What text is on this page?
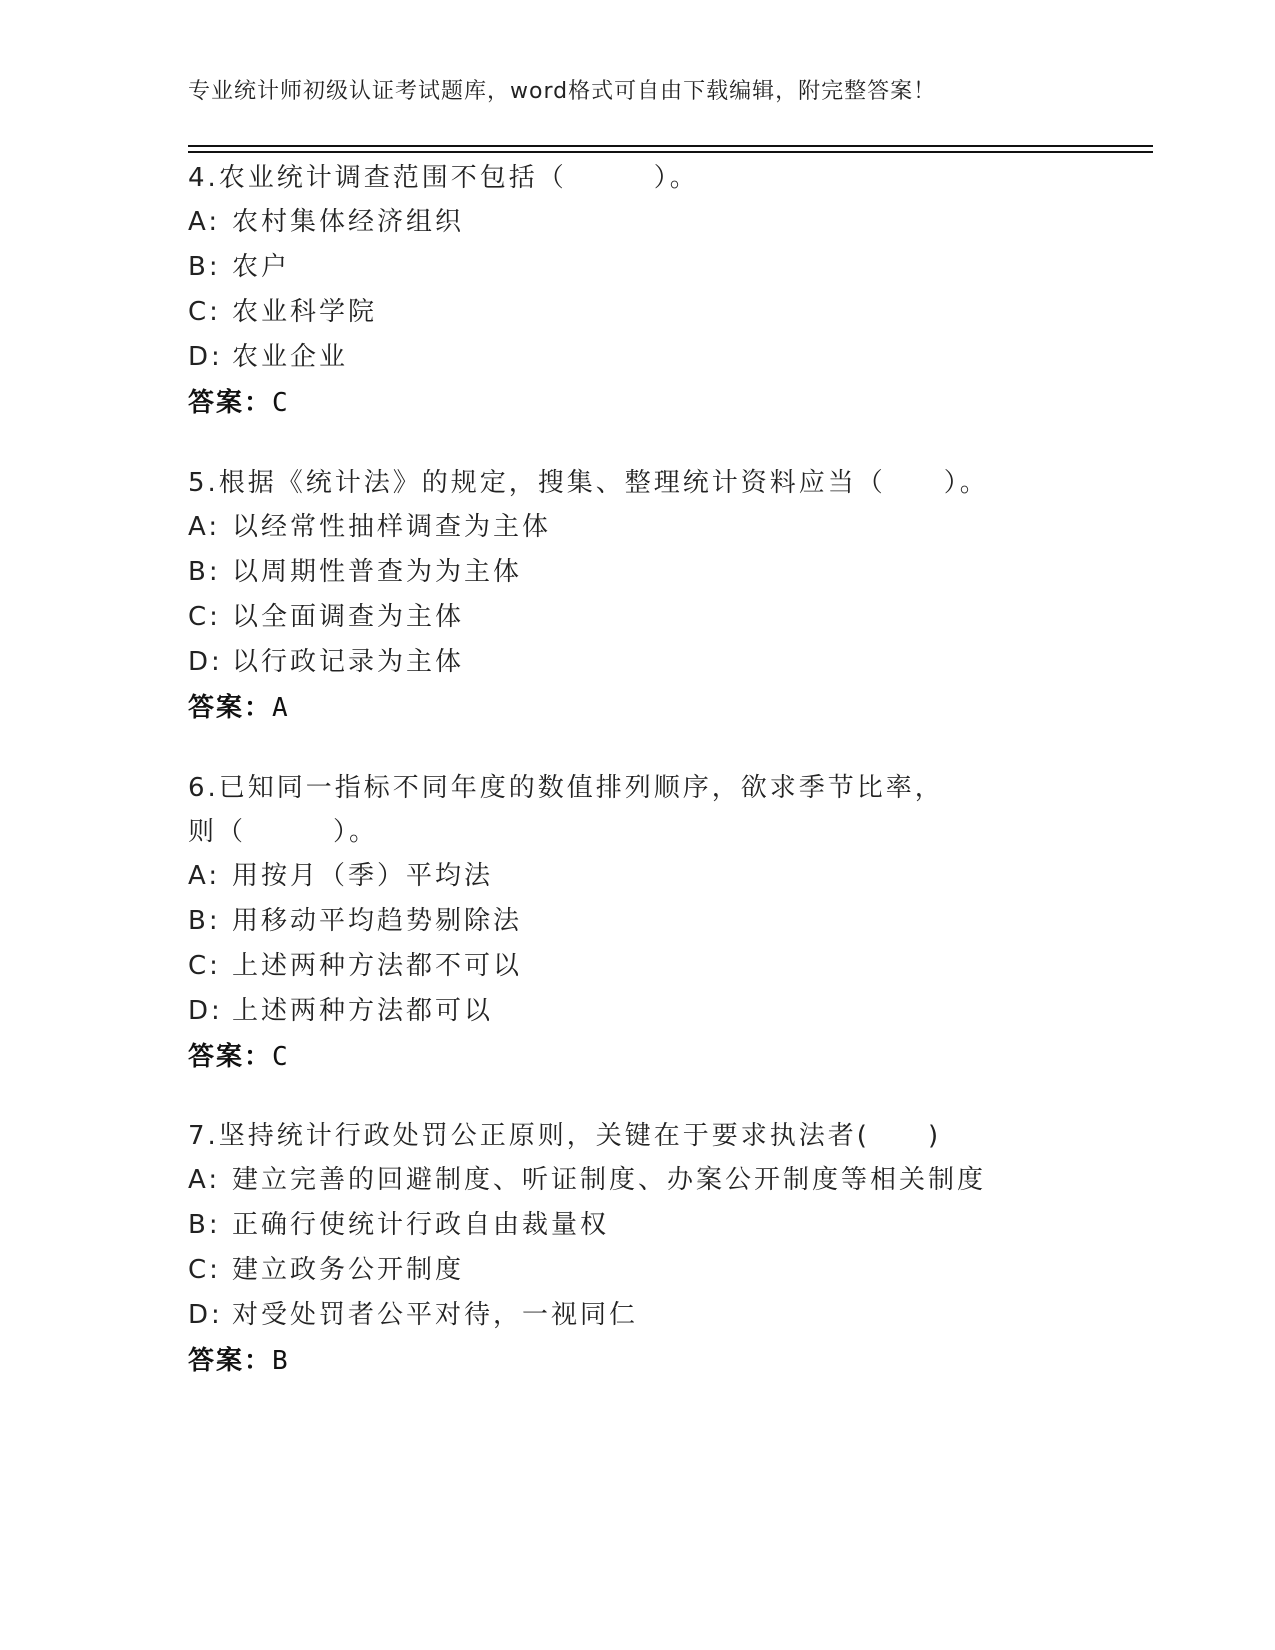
专业统计师初级认证考试题库，word格式可自由下载编辑，附完整答案！
4.农业统计调查范围不包括（　　　）。
A: 农村集体经济组织
B: 农户
C: 农业科学院
D: 农业企业
答案：C
5.根据《统计法》的规定，搜集、整理统计资料应当（　　）。
A: 以经常性抽样调查为主体
B: 以周期性普查为为主体
C: 以全面调查为主体
D: 以行政记录为主体
答案：A
6.已知同一指标不同年度的数值排列顺序，欲求季节比率，则（　　　）。
A: 用按月（季）平均法
B: 用移动平均趋势剔除法
C: 上述两种方法都不可以
D: 上述两种方法都可以
答案：C
7.坚持统计行政处罚公正原则，关键在于要求执法者(　　)
A: 建立完善的回避制度、听证制度、办案公开制度等相关制度
B: 正确行使统计行政自由裁量权
C: 建立政务公开制度
D: 对受处罚者公平对待，一视同仁
答案：B
